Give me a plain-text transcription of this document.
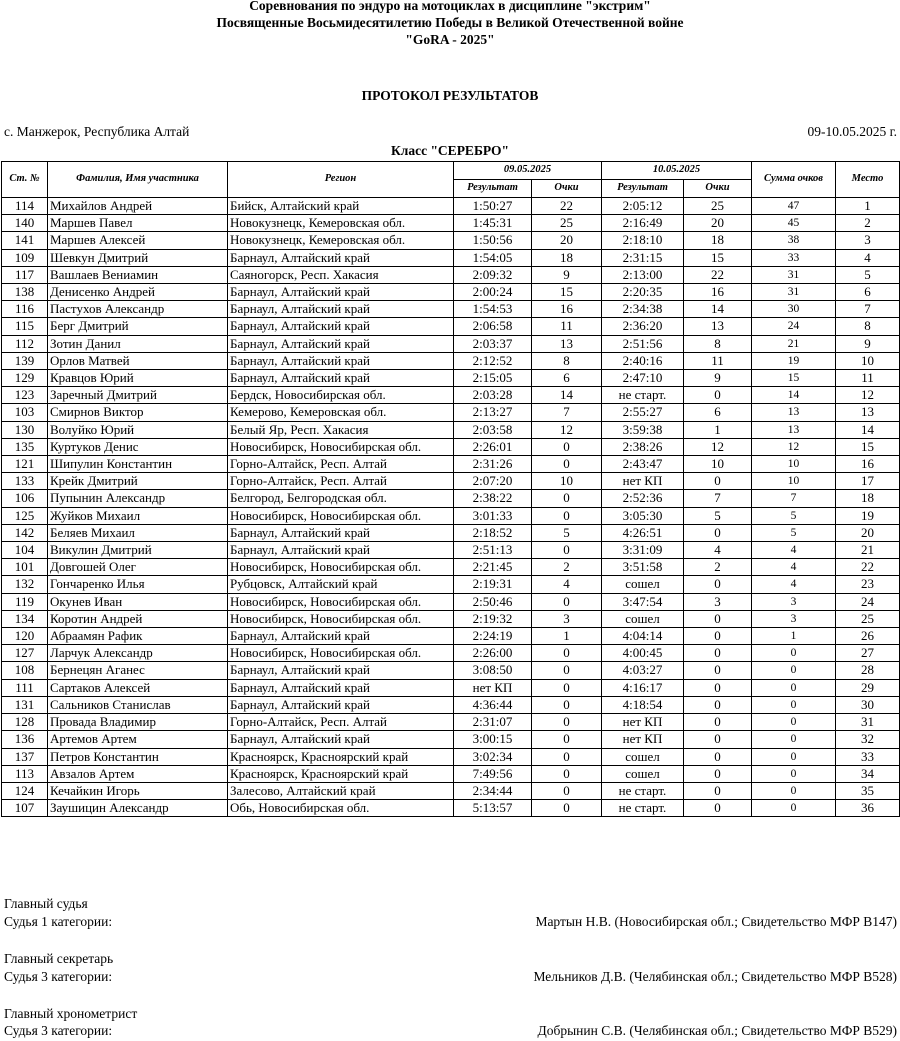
Соревнования по эндуро на мотоциклах в дисциплине "экстрим"
Посвященные Восьмидесятилетию Победы в Великой Отечественной войне
"GoRA - 2025"
ПРОТОКОЛ РЕЗУЛЬТАТОВ
с. Манжерок, Республика Алтай	09-10.05.2025 г.
Класс "СЕРЕБРО"
Ст. №	Фамилия, Имя участника	Регион	09.05.2025		10.05.2025		Сумма очков	Место
			Результат	Очки	Результат	Очки		
114	Михайлов Андрей	Бийск, Алтайский край	1:50:27	22	2:05:12	25	47	1
140	Маршев Павел	Новокузнецк, Кемеровская обл.	1:45:31	25	2:16:49	20	45	2
141	Маршев Алексей	Новокузнецк, Кемеровская обл.	1:50:56	20	2:18:10	18	38	3
109	Шевкун Дмитрий	Барнаул, Алтайский край	1:54:05	18	2:31:15	15	33	4
117	Вашлаев Вениамин	Саяногорск, Респ. Хакасия	2:09:32	9	2:13:00	22	31	5
138	Денисенко Андрей	Барнаул, Алтайский край	2:00:24	15	2:20:35	16	31	6
116	Пастухов Александр	Барнаул, Алтайский край	1:54:53	16	2:34:38	14	30	7
115	Берг Дмитрий	Барнаул, Алтайский край	2:06:58	11	2:36:20	13	24	8
112	Зотин Данил	Барнаул, Алтайский край	2:03:37	13	2:51:56	8	21	9
139	Орлов Матвей	Барнаул, Алтайский край	2:12:52	8	2:40:16	11	19	10
129	Кравцов Юрий	Барнаул, Алтайский край	2:15:05	6	2:47:10	9	15	11
123	Заречный Дмитрий	Бердск, Новосибирская обл.	2:03:28	14	не старт.	0	14	12
103	Смирнов Виктор	Кемерово, Кемеровская обл.	2:13:27	7	2:55:27	6	13	13
130	Волуйко Юрий	Белый Яр, Респ. Хакасия	2:03:58	12	3:59:38	1	13	14
135	Куртуков Денис	Новосибирск, Новосибирская обл.	2:26:01	0	2:38:26	12	12	15
121	Шипулин Константин	Горно-Алтайск, Респ. Алтай	2:31:26	0	2:43:47	10	10	16
133	Крейк Дмитрий	Горно-Алтайск, Респ. Алтай	2:07:20	10	нет КП	0	10	17
106	Пупынин Александр	Белгород, Белгородская обл.	2:38:22	0	2:52:36	7	7	18
125	Жуйков Михаил	Новосибирск, Новосибирская обл.	3:01:33	0	3:05:30	5	5	19
142	Беляев Михаил	Барнаул, Алтайский край	2:18:52	5	4:26:51	0	5	20
104	Викулин Дмитрий	Барнаул, Алтайский край	2:51:13	0	3:31:09	4	4	21
101	Довгошей Олег	Новосибирск, Новосибирская обл.	2:21:45	2	3:51:58	2	4	22
132	Гончаренко Илья	Рубцовск, Алтайский край	2:19:31	4	сошел	0	4	23
119	Окунев Иван	Новосибирск, Новосибирская обл.	2:50:46	0	3:47:54	3	3	24
134	Коротин Андрей	Новосибирск, Новосибирская обл.	2:19:32	3	сошел	0	3	25
120	Абраамян Рафик	Барнаул, Алтайский край	2:24:19	1	4:04:14	0	1	26
127	Ларчук Александр	Новосибирск, Новосибирская обл.	2:26:00	0	4:00:45	0	0	27
108	Бернецян Аганес	Барнаул, Алтайский край	3:08:50	0	4:03:27	0	0	28
111	Сартаков Алексей	Барнаул, Алтайский край	нет КП	0	4:16:17	0	0	29
131	Сальников Станислав	Барнаул, Алтайский край	4:36:44	0	4:18:54	0	0	30
128	Провада Владимир	Горно-Алтайск, Респ. Алтай	2:31:07	0	нет КП	0	0	31
136	Артемов Артем	Барнаул, Алтайский край	3:00:15	0	нет КП	0	0	32
137	Петров Константин	Красноярск, Красноярский край	3:02:34	0	сошел	0	0	33
113	Авзалов Артем	Красноярск, Красноярский край	7:49:56	0	сошел	0	0	34
124	Кечайкин Игорь	Залесово, Алтайский край	2:34:44	0	не старт.	0	0	35
107	Заушицин Александр	Обь, Новосибирская обл.	5:13:57	0	не старт.	0	0	36
Главный судья
Судья 1 категории:	Мартын Н.В. (Новосибирская обл.; Свидетельство МФР B147)
Главный секретарь
Судья 3 категории:	Мельников Д.В. (Челябинская обл.; Свидетельство МФР B528)
Главный хронометрист
Судья 3 категории:	Добрынин С.В. (Челябинская обл.; Свидетельство МФР B529)
